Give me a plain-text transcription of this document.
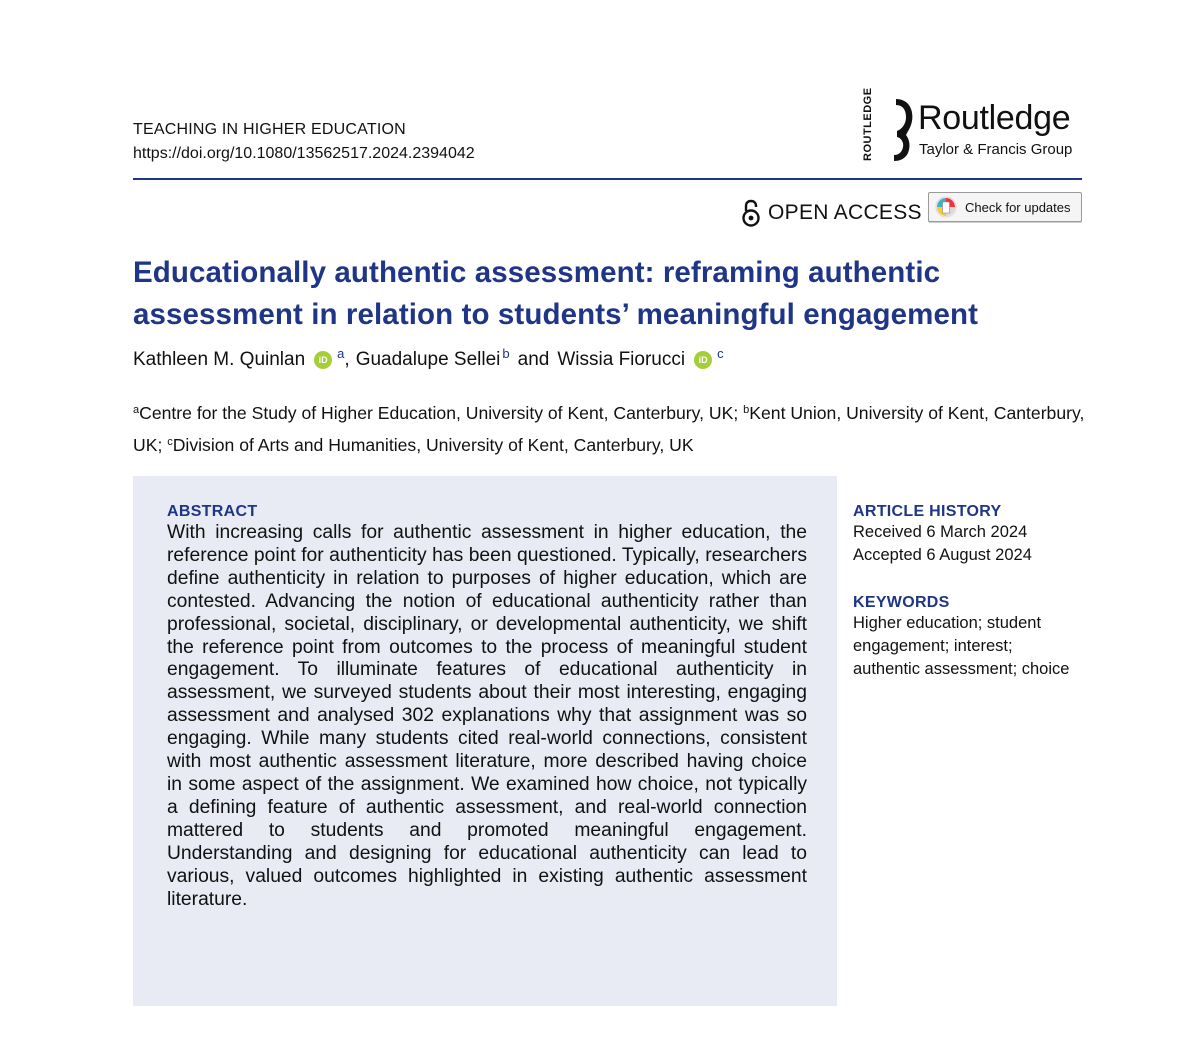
TEACHING IN HIGHER EDUCATION
https://doi.org/10.1080/13562517.2024.2394042	ROUTLEDGE Routledge
Taylor & Francis Group
OPEN ACCESS	Check for updates
Educationally authentic assessment: reframing authentic assessment in relation to students’ meaningful engagement
Kathleen M. Quinlan	iD a , Guadalupe Sellei b and Wissia Fiorucci	iD c
$^a$Centre for the Study of Higher Education, University of Kent, Canterbury, UK; $^b$Kent Union, University of Kent, Canterbury, UK; $^c$Division of Arts and Humanities, University of Kent, Canterbury, UK
ABSTRACT
With increasing calls for authentic assessment in higher education, the reference point for authenticity has been questioned. Typically, researchers define authenticity in relation to purposes of higher education, which are contested. Advancing the notion of educational authenticity rather than professional, societal, disciplinary, or developmental authenticity, we shift the reference point from outcomes to the process of meaningful student engagement. To illuminate features of educational authenticity in assessment, we surveyed students about their most interesting, engaging assessment and analysed 302 explanations why that assignment was so engaging. While many students cited real-world connections, consistent with most authentic assessment literature, more described having choice in some aspect of the assignment. We examined how choice, not typically a defining feature of authentic assessment, and real-world connection mattered to students and promoted meaningful engagement. Understanding and designing for educational authenticity can lead to various, valued outcomes highlighted in existing authentic assessment literature.
ARTICLE HISTORY
Received 6 March 2024
Accepted 6 August 2024
KEYWORDS
Higher education; student
engagement; interest;
authentic assessment; choice
